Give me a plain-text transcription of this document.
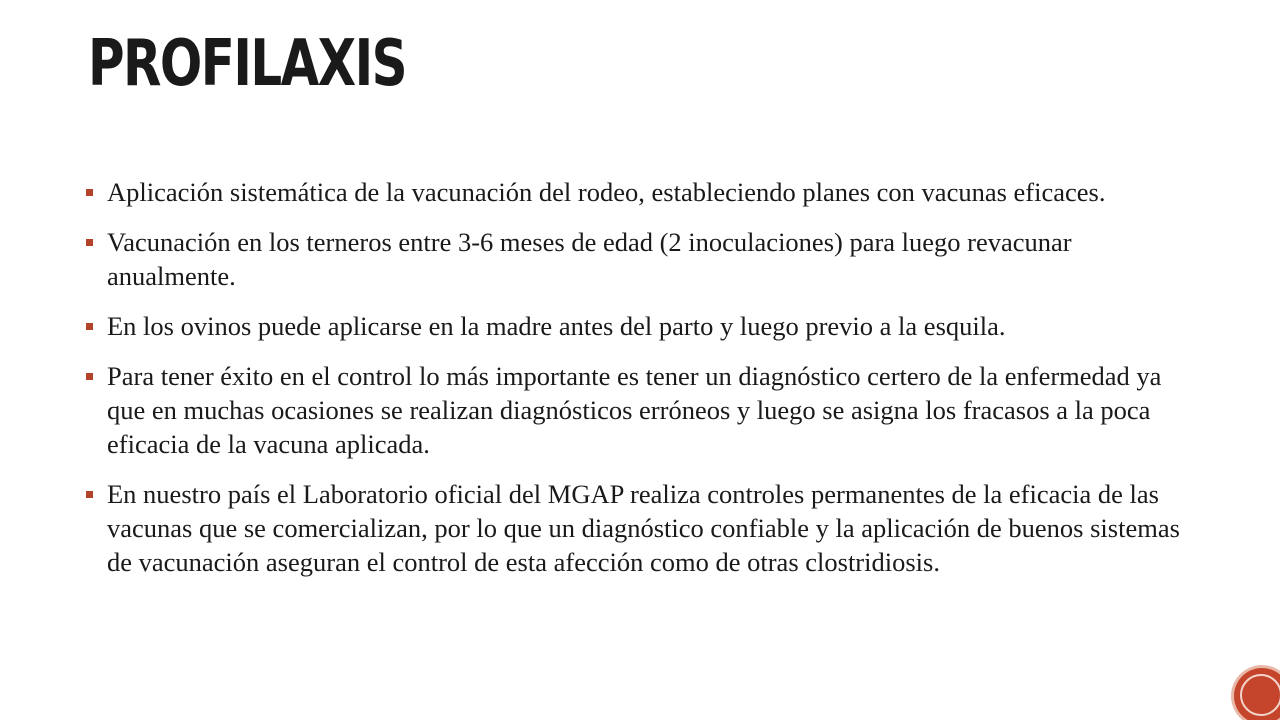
PROFILAXIS
Aplicación sistemática de la vacunación del rodeo, estableciendo planes con vacunas eficaces.
Vacunación en los terneros entre 3-6 meses de edad (2 inoculaciones) para luego revacunar anualmente.
En los ovinos puede aplicarse en la madre antes del parto y luego previo a la esquila.
Para tener éxito en el control lo más importante es tener un diagnóstico certero de la enfermedad ya que en muchas ocasiones se realizan diagnósticos erróneos y luego se asigna los fracasos a la poca eficacia de la vacuna aplicada.
En nuestro país el Laboratorio oficial del MGAP realiza controles permanentes de la eficacia de las vacunas que se comercializan, por lo que un diagnóstico confiable y la aplicación de buenos sistemas de vacunación aseguran el control de esta afección como de otras clostridiosis.
